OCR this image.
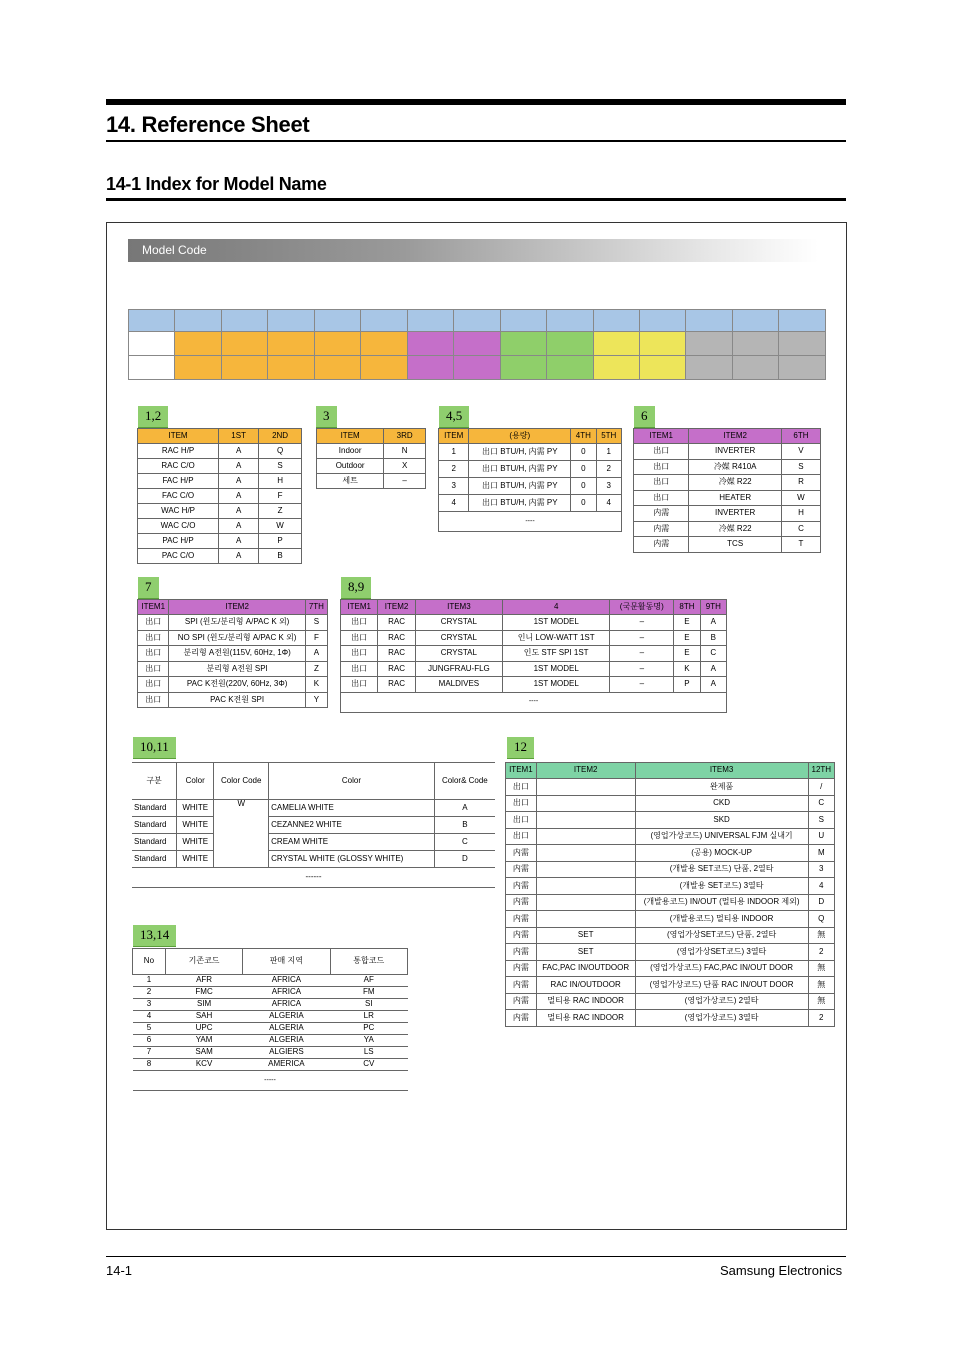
14. Reference Sheet
14-1 Index for Model Name
Model Code

1,2
ITEM	1ST	2ND
RAC H/P	A	Q
RAC C/O	A	S
FAC H/P	A	H
FAC C/O	A	F
WAC H/P	A	Z
WAC C/O	A	W
PAC H/P	A	P
PAC C/O	A	B
3
ITEM	3RD
Indoor	N
Outdoor	X
세트	–
4,5
ITEM	(용량)	4TH	5TH
1	出口 BTU/H, 内需 PY	0	1
2	出口 BTU/H, 内需 PY	0	2
3	出口 BTU/H, 内需 PY	0	3
4	出口 BTU/H, 内需 PY	0	4
----			
6
ITEM1	ITEM2	6TH
出口	INVERTER	V
出口	冷媒 R410A	S
出口	冷媒 R22	R
出口	HEATER	W
内需	INVERTER	H
内需	冷媒 R22	C
内需	TCS	T
7
ITEM1	ITEM2	7TH
出口	SPI (윈도/분리형 A/PAC K 외)	S
出口	NO SPI (윈도/분리형 A/PAC K 외)	F
出口	분리형 A전원(115V, 60Hz, 1Φ)	A
出口	분리형 A전원 SPI	Z
出口	PAC K전원(220V, 60Hz, 3Φ)	K
出口	PAC K전원 SPI	Y
8,9
ITEM1	ITEM2	ITEM3	4	(국문활동명)	8TH	9TH
出口	RAC	CRYSTAL	1ST MODEL	–	E	A
出口	RAC	CRYSTAL	인니 LOW-WATT 1ST	–	E	B
出口	RAC	CRYSTAL	인도 STF SPI 1ST	–	E	C
出口	RAC	JUNGFRAU-FLG	1ST MODEL	–	K	A
出口	RAC	MALDIVES	1ST MODEL	–	P	A
----						
10,11
구분	Color	Color Code	Color	Color& Code
Standard	WHITE	W	CAMELIA WHITE	A
Standard	WHITE		CEZANNE2 WHITE	B
Standard	WHITE		CREAM WHITE	C
Standard	WHITE		CRYSTAL WHITE (GLOSSY WHITE)	D
------				
12
ITEM1	ITEM2	ITEM3	12TH
出口		완제품	/
出口		CKD	C
出口		SKD	S
出口		(영업가상코드) UNIVERSAL FJM 실내기	U
内需		(공용) MOCK-UP	M
内需		(개발용 SET코드) 단품, 2열타	3
内需		(개발용 SET코드) 3열타	4
内需		(개발용코드) IN/OUT (멀티용 INDOOR 제외)	D
内需		(개발용코드) 멀티용 INDOOR	Q
内需	SET	(영업가상SET코드) 단품, 2열타	無
内需	SET	(영업가상SET코드) 3열타	2
内需	FAC,PAC IN/OUTDOOR	(영업가상코드) FAC,PAC IN/OUT DOOR	無
内需	RAC IN/OUTDOOR	(영업가상코드) 단품 RAC IN/OUT DOOR	無
内需	멀티용 RAC INDOOR	(영업가상코드) 2열타	無
内需	멀티용 RAC INDOOR	(영업가상코드) 3열타	2
13,14
No	기존코드	판매 지역	통합코드
1	AFR	AFRICA	AF
2	FMC	AFRICA	FM
3	SIM	AFRICA	SI
4	SAH	ALGERIA	LR
5	UPC	ALGERIA	PC
6	YAM	ALGERIA	YA
7	SAM	ALGIERS	LS
8	KCV	AMERICA	CV
-----			
14-1	Samsung Electronics
